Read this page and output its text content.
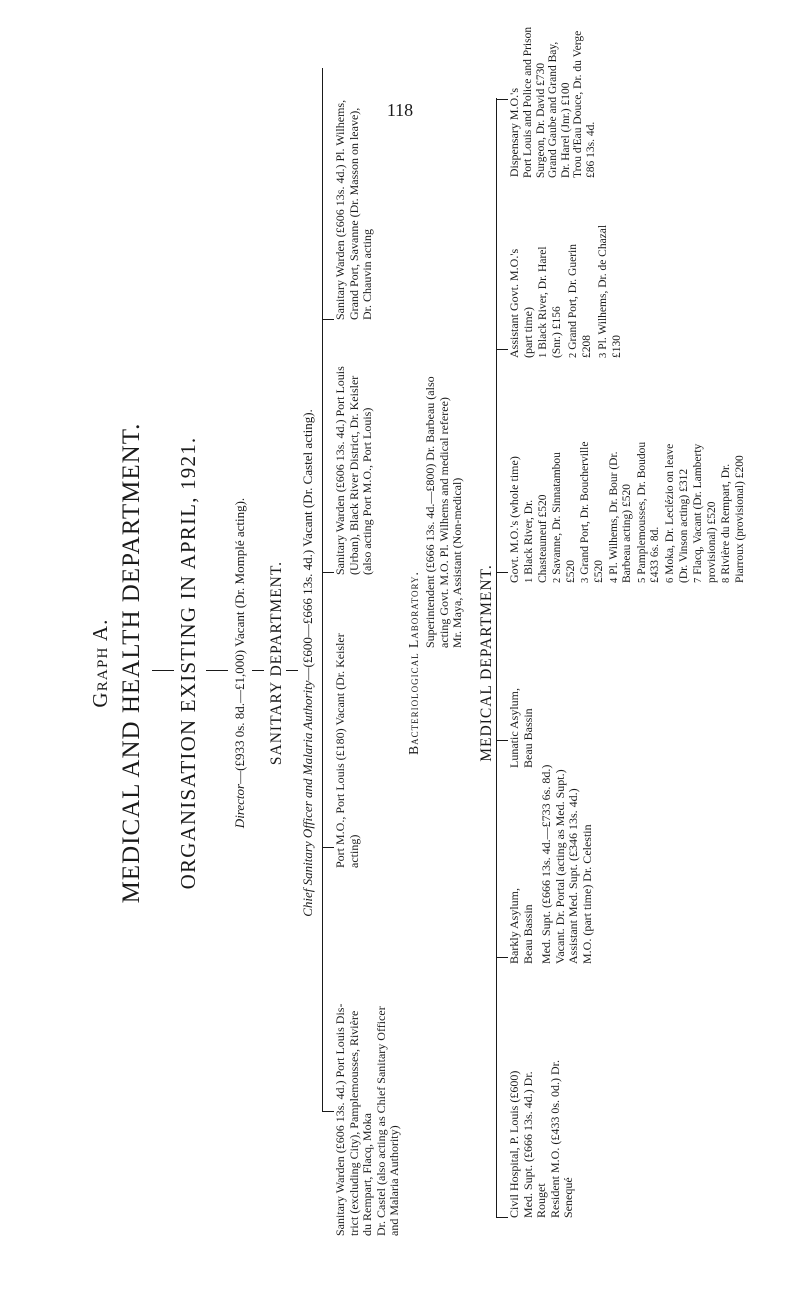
118
Graph A. MEDICAL AND HEALTH DEPARTMENT. ORGANISATION EXISTING IN APRIL, 1921. Director—(£933 0s. 8d.—£1,000) Vacant (Dr. Momplé acting). SANITARY DEPARTMENT.
Chief Sanitary Officer and Malaria Authority—(£600—£666 13s. 4d.) Vacant (Dr. Castel acting).
Sanitary Warden (£606 13s. 4d.) Port Louis Dis-
trict (excluding City), Pamplemousses, Rivière
du Rempart, Flacq, Moka
Dr. Castel (also acting as Chief Sanitary Officer
and Malaria Authority)
Port M.O., Port Louis (£180) Vacant (Dr. Keisler
acting)
Sanitary Warden (£606 13s. 4d.) Port Louis
(Urban), Black River District, Dr. Keisler
(also acting Port M.O., Port Louis)
Sanitary Warden (£606 13s. 4d.) Pl. Wilhems,
Grand Port, Savanne (Dr. Masson on leave),
Dr. Chauvin acting
Bacteriological Laboratory. Superintendent (£666 13s. 4d.—£800) Dr. Barbeau (also
acting Govt. M.O. Pl. Wilhems and medical referee)
Mr. Maya, Assistant (Non-medical)
MEDICAL DEPARTMENT.
Civil Hospital, P. Louis (£600)
Med. Supt. (£666 13s. 4d.) Dr.
Rouget
Resident M.O. (£433 0s. 0d.) Dr.
Senequé
Barkly Asylum,
Beau Bassin
Lunatic Asylum,
Beau Bassin
Med. Supt. (£666 13s. 4d.—£733 6s. 8d.)
Vacant. Dr. Portal (acting as Med. Supt.)
Assistant Med. Supt. (£346 13s. 4d.)
M.O. (part time) Dr. Celestin
Govt. M.O.'s (whole time) 1Black River, Dr.
Chasteauneuf £520
2Savanne, Dr. Sinnatambou
£520 3Grand Port, Dr. Boucherville
£520 4Pl. Wilhems, Dr. Bour (Dr.
Barbeau acting) £520
5Pamplemousses, Dr. Boudou
£433 6s. 8d.
6Moka, Dr. Leclézio on leave
(Dr. Vinson acting) £312
7Flacq, Vacant (Dr. Lamberty
provisional) £520
8Rivière du Rempart, Dr.
Piarroux (provisional) £200
Assistant Govt. M.O.'s
(part time)
1Black River, Dr. Harel
(Snr.) £156
2Grand Port, Dr. Guerin
£208 3Pl. Wilhems, Dr. de Chazal
£130
Dispensary M.O.'s Port Louis and Police and Prison
Surgeon, Dr. David £730
Grand Gaube and Grand Bay,
Dr. Harel (Jnr.) £100
Trou d'Eau Douce, Dr. du Verge
£86 13s. 4d.
